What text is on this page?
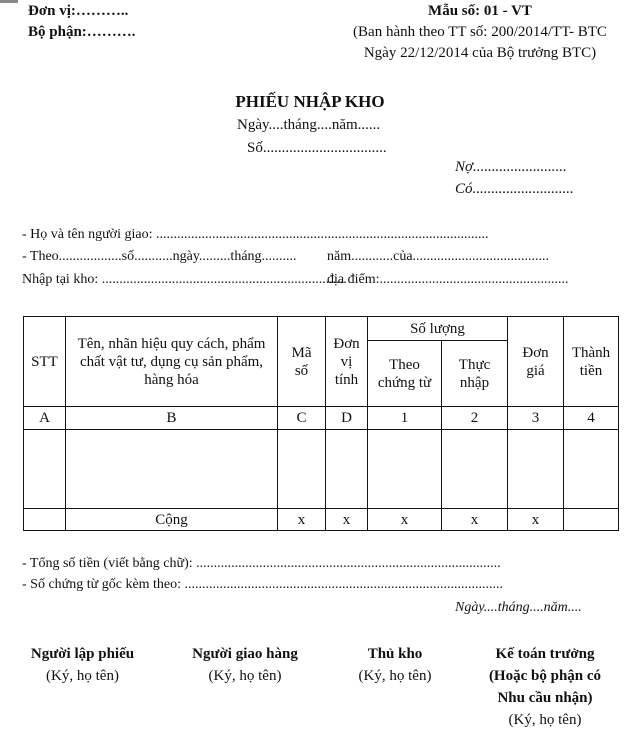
Đơn vị:………..
Bộ phận:……….
Mẫu số: 01 - VT
(Ban hành theo TT số: 200/2014/TT- BTC
Ngày 22/12/2014 của Bộ trưởng BTC)
PHIẾU NHẬP KHO
Ngày....tháng....năm......
Số.................................
Nợ.........................
Có...........................
- Họ và tên người giao: ...............................................................................................
- Theo..................số...........ngày.........tháng.......... năm............của.......................................
Nhập tại kho: ......................................................................
địa điểm:......................................................
STT	Tên, nhãn hiệu quy cách, phẩm chất vật tư, dụng cụ sản phẩm, hàng hóa	Mã số	Đơn vị tính	Số lượng		Đơn giá	Thành tiền
				Theo chứng từ	Thực nhập		
A	B	C	D	1	2	3	4

	Cộng	x	x	x	x	x	
- Tổng số tiền (viết bằng chữ): .......................................................................................
- Số chứng từ gốc kèm theo: ...........................................................................................
Ngày....tháng....năm....
Người lập phiếu
(Ký, họ tên)
Người giao hàng
(Ký, họ tên)
Thủ kho
(Ký, họ tên)
Kế toán trưởng
(Hoặc bộ phận có
Nhu cầu nhận)
(Ký, họ tên)
